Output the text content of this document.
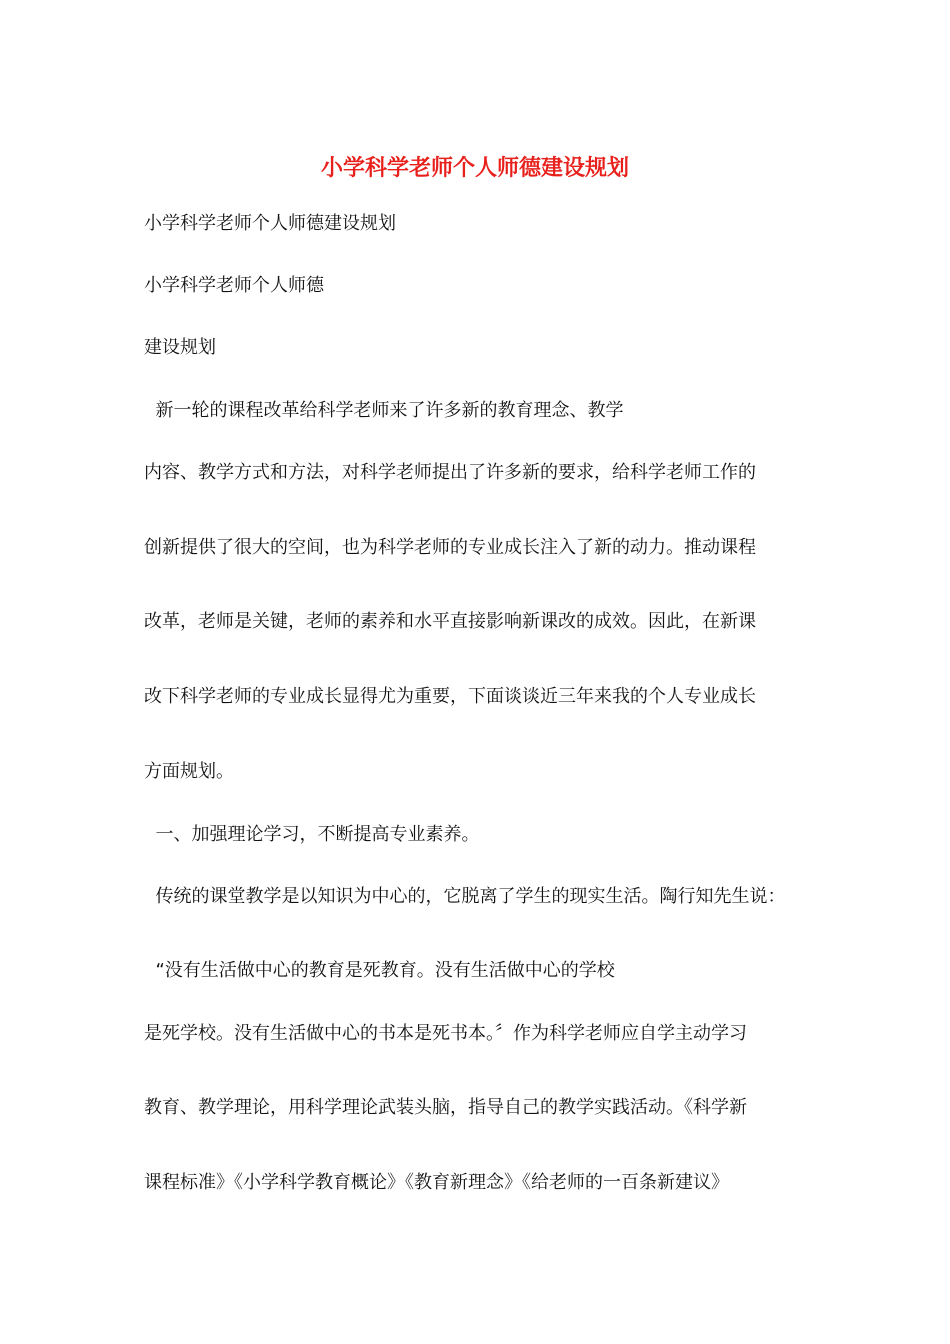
小学科学老师个人师德建设规划
小学科学老师个人师德建设规划
小学科学老师个人师德
建设规划
新一轮的课程改革给科学老师来了许多新的教育理念、教学
内容、教学方式和方法，对科学老师提出了许多新的要求，给科学老师工作的
创新提供了很大的空间，也为科学老师的专业成长注入了新的动力。推动课程
改革，老师是关键，老师的素养和水平直接影响新课改的成效。因此，在新课
改下科学老师的专业成长显得尤为重要，下面谈谈近三年来我的个人专业成长
方面规划。
一、加强理论学习，不断提高专业素养。
传统的课堂教学是以知识为中心的，它脱离了学生的现实生活。陶行知先生说：
“没有生活做中心的教育是死教育。没有生活做中心的学校
是死学校。没有生活做中心的书本是死书本。〞作为科学老师应自学主动学习
教育、教学理论，用科学理论武装头脑，指导自己的教学实践活动。《科学新
课程标准》《小学科学教育概论》《教育新理念》《给老师的一百条新建议》
